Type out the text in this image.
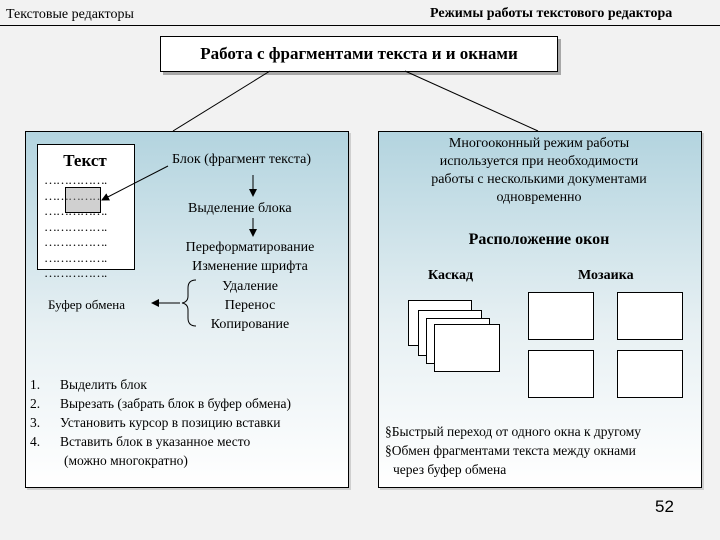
Текстовые редакторы	Режимы работы текстового редактора
Работа с фрагментами текста и и окнами
Текст
…………….
…………….
…………….
…………….
…………….
…………….
…………….
Блок (фрагмент текста)
Выделение блока
Переформатирование
Изменение шрифта
Удаление
Перенос
Копирование
Буфер обмена
1.	Выделить блок
2.	Вырезать (забрать блок в буфер обмена)
3.	Установить курсор в позицию вставки
4.	Вставить блок в указанное место
(можно многократно)
Многооконный режим работы
используется при необходимости
работы с несколькими документами
одновременно
Расположение окон
Каскад	Мозаика
§Быстрый переход от одного окна к другому
§Обмен фрагментами текста между окнами
через буфер обмена
52
